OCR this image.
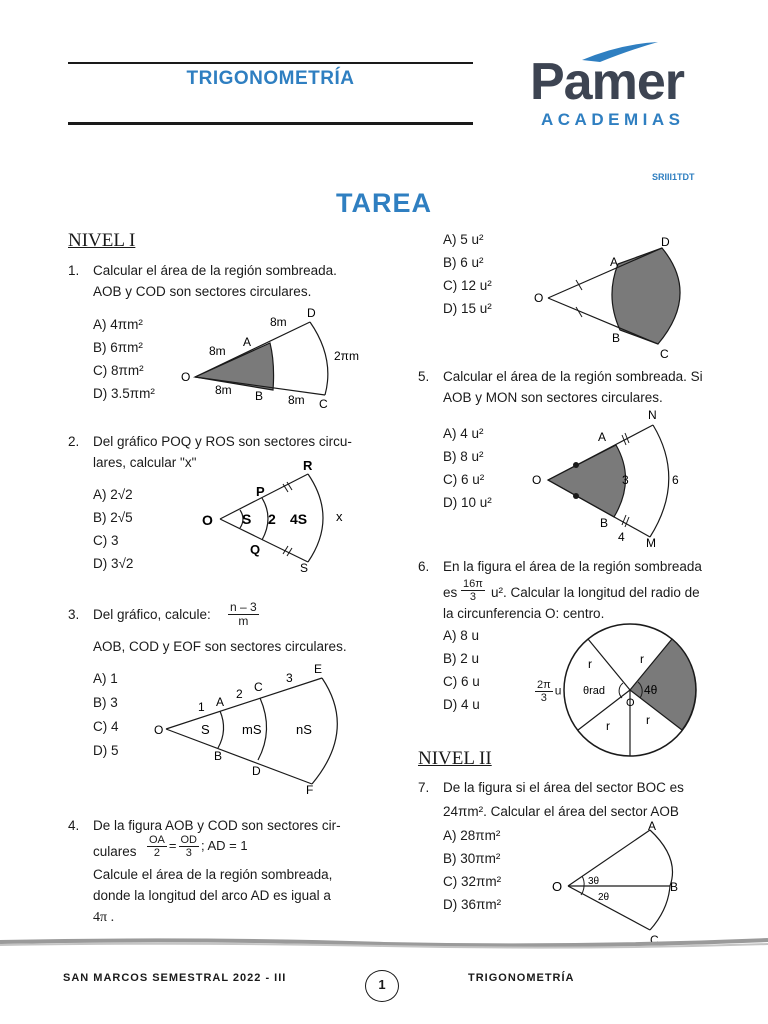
TRIGONOMETRÍA	Pamer
ACADEMIAS
SRIII1TDT
TAREA
NIVEL I
1. Calcular el área de la región sombreada.
AOB y COD son sectores circulares.
A) 4πm²
B) 6πm²
C) 8πm²
D) 3.5πm²
O
A
B
C
D
8m
8m
8m
8m
2πm
2. Del gráfico POQ y ROS son sectores circu-
lares, calcular "x"
A) 2√2
B) 2√5
C) 3
D) 3√2
O
P
Q
R
S
S 2 4S x
3. Del gráfico, calcule:
AOB, COD y EOF son sectores circulares.
$\frac{n - 3}{m}$
A) 1
B) 3
C) 4
D) 5
O
A
B
C
D
E
F
1
2
3
S mS	nS
4. De la figura AOB y COD son sectores cir-
culares
Calcule el área de la región sombreada,
donde la longitud del arco AD es igual a
4π .
$\frac{OA}{2} = \frac{OD}{3}$ ; AD = 1
A) 5 u²
B) 6 u²
C) 12 u²
D) 15 u²
O
A
B
C
D
5. Calcular el área de la región sombreada. Si
AOB y MON son sectores circulares.
A) 4 u²
B) 8 u²
C) 6 u²
D) 10 u²
O
A
B
N
M
3	6
4
6. En la figura el área de la región sombreada
es u². Calcular la longitud del radio de
la circunferencia O: centro.
$\frac{16\pi}{3}$
A) 8 u
B) 2 u
C) 6 u
D) 4 u
r	r
r	r
O
θrad	4θ
$\frac{2\pi}{3}$ u
NIVEL II
7. De la figura si el área del sector BOC es
24πm². Calcular el área del sector AOB
A) 28πm²
B) 30πm²
C) 32πm²
D) 36πm²
O
A
B
C
3θ
2θ
SAN MARCOS SEMESTRAL 2022 - III	1	TRIGONOMETRÍA
